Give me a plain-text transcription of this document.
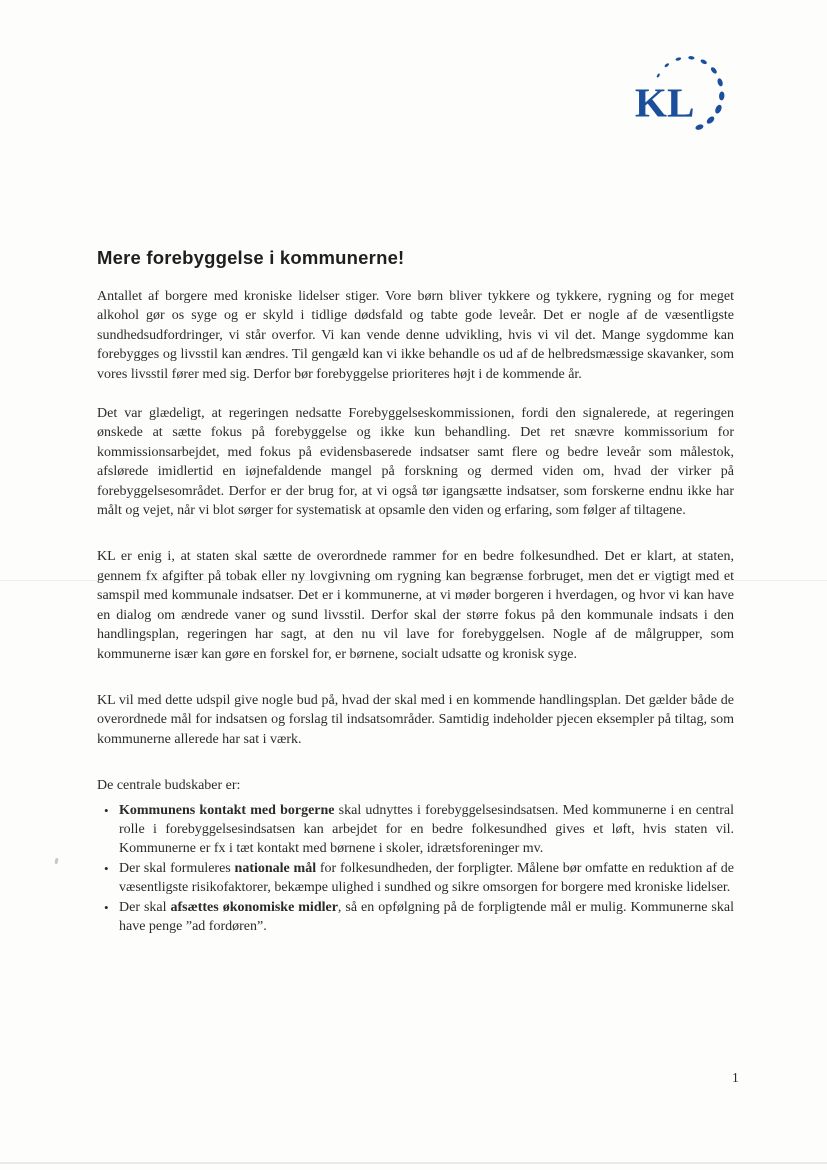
KL
Mere forebyggelse i kommunerne!

Antallet af borgere med kroniske lidelser stiger. Vore børn bliver tykkere og tykkere, rygning og for meget alkohol gør os syge og er skyld i tidlige dødsfald og tabte gode leveår. Det er nogle af de væsentligste sundhedsudfordringer, vi står overfor. Vi kan vende denne udvikling, hvis vi vil det. Mange sygdomme kan forebygges og livsstil kan ændres. Til gengæld kan vi ikke behandle os ud af de helbredsmæssige skavanker, som vores livsstil fører med sig. Derfor bør forebyggelse prioriteres højt i de kommende år.

Det var glædeligt, at regeringen nedsatte Forebyggelseskommissionen, fordi den signalerede, at regeringen ønskede at sætte fokus på forebyggelse og ikke kun behandling. Det ret snævre kommissorium for kommissionsarbejdet, med fokus på evidensbaserede indsatser samt flere og bedre leveår som målestok, afslørede imidlertid en iøjnefaldende mangel på forskning og dermed viden om, hvad der virker på forebyggelsesområdet. Derfor er der brug for, at vi også tør igangsætte indsatser, som forskerne endnu ikke har målt og vejet, når vi blot sørger for systematisk at opsamle den viden og erfaring, som følger af tiltagene.

KL er enig i, at staten skal sætte de overordnede rammer for en bedre folkesundhed. Det er klart, at staten, gennem fx afgifter på tobak eller ny lovgivning om rygning kan begrænse forbruget, men det er vigtigt med et samspil med kommunale indsatser. Det er i kommunerne, at vi møder borgeren i hverdagen, og hvor vi kan have en dialog om ændrede vaner og sund livsstil. Derfor skal der større fokus på den kommunale indsats i den handlingsplan, regeringen har sagt, at den nu vil lave for forebyggelsen. Nogle af de målgrupper, som kommunerne især kan gøre en forskel for, er børnene, socialt udsatte og kronisk syge.

KL vil med dette udspil give nogle bud på, hvad der skal med i en kommende handlingsplan. Det gælder både de overordnede mål for indsatsen og forslag til indsatsområder. Samtidig indeholder pjecen eksempler på tiltag, som kommunerne allerede har sat i værk.

De centrale budskaber er:

• Kommunens kontakt med borgerne skal udnyttes i forebyggelsesindsatsen. Med kommunerne i en central rolle i forebyggelsesindsatsen kan arbejdet for en bedre folkesundhed gives et løft, hvis staten vil. Kommunerne er fx i tæt kontakt med børnene i skoler, idrætsforeninger mv.
• Der skal formuleres nationale mål for folkesundheden, der forpligter. Målene bør omfatte en reduktion af de væsentligste risikofaktorer, bekæmpe ulighed i sundhed og sikre omsorgen for borgere med kroniske lidelser.
• Der skal afsættes økonomiske midler, så en opfølgning på de forpligtende mål er mulig. Kommunerne skal have penge ”ad fordøren”.
1
